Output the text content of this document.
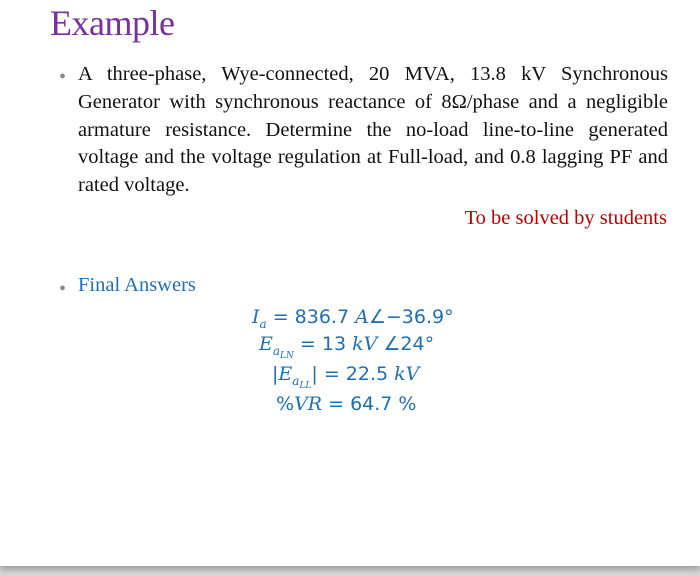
Example
• A three-phase, Wye-connected, 20 MVA, 13.8 kV Synchronous Generator with synchronous reactance of 8Ω/phase and a negligible armature resistance. Determine the no-load line-to-line generated voltage and the voltage regulation at Full-load, and 0.8 lagging PF and rated voltage.
To be solved by students
• Final Answers
$I_a = 836.7$ A∠−36.9°
$E_{a_{LN}} = 13$ kV ∠24°
$|E_{a_{LL}}| = 22.5$ kV
%VR = 64.7 %
